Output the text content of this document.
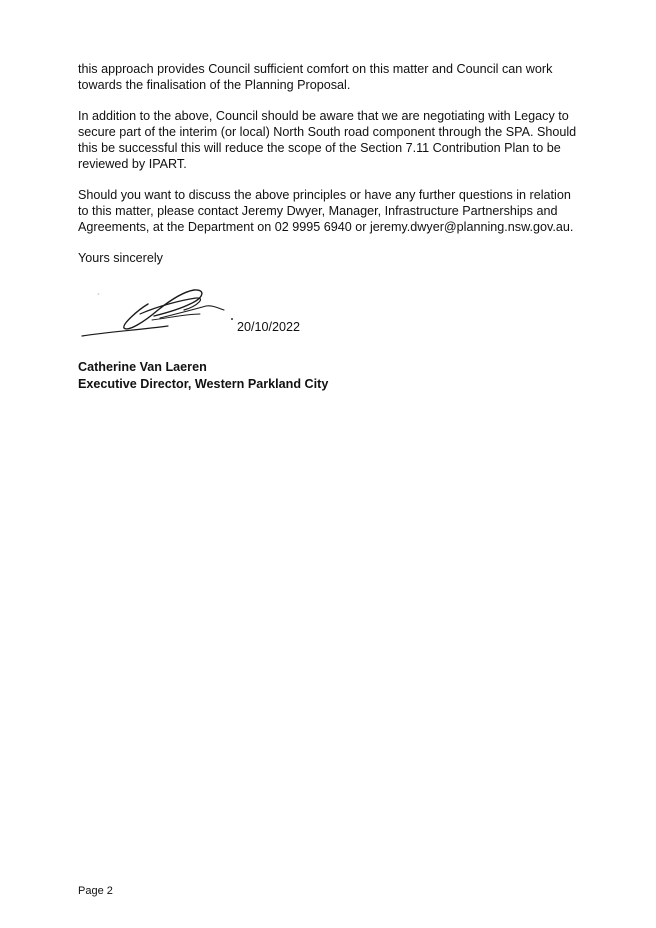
this approach provides Council sufficient comfort on this matter and Council can work
towards the finalisation of the Planning Proposal.

In addition to the above, Council should be aware that we are negotiating with Legacy to
secure part of the interim (or local) North South road component through the SPA. Should
this be successful this will reduce the scope of the Section 7.11 Contribution Plan to be
reviewed by IPART.

Should you want to discuss the above principles or have any further questions in relation
to this matter, please contact Jeremy Dwyer, Manager, Infrastructure Partnerships and
Agreements, at the Department on 02 9995 6940 or jeremy.dwyer@planning.nsw.gov.au.

Yours sincerely

20/10/2022
Catherine Van Laeren
Executive Director, Western Parkland City
Page 2
